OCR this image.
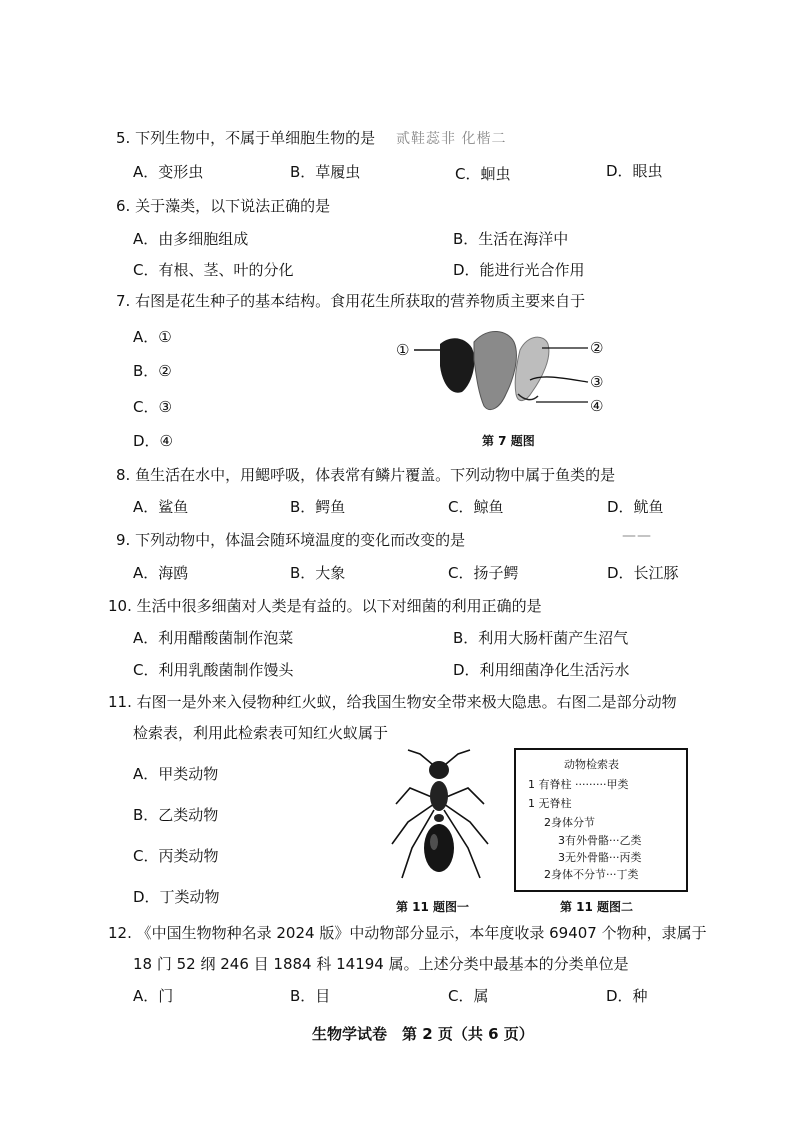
贰鞋蕊非 化楷二
5. 下列生物中，不属于单细胞生物的是
A．变形虫	B．草履虫	C．蛔虫	D．眼虫
6. 关于藻类，以下说法正确的是
A．由多细胞组成	B．生活在海洋中
C．有根、茎、叶的分化	D．能进行光合作用
7. 右图是花生种子的基本结构。食用花生所获取的营养物质主要来自于
A．①
B．②
C．③
D．④
①	②
③
④
第 7 题图
8. 鱼生活在水中，用鳃呼吸，体表常有鳞片覆盖。下列动物中属于鱼类的是
A．鲨鱼	B．鳄鱼	C．鲸鱼	D．鱿鱼
9. 下列动物中，体温会随环境温度的变化而改变的是	——
A．海鸥	B．大象	C．扬子鳄	D．长江豚
10. 生活中很多细菌对人类是有益的。以下对细菌的利用正确的是
A．利用醋酸菌制作泡菜	B．利用大肠杆菌产生沼气
C．利用乳酸菌制作馒头	D．利用细菌净化生活污水
11. 右图一是外来入侵物种红火蚁，给我国生物安全带来极大隐患。右图二是部分动物
检索表，利用此检索表可知红火蚁属于
A．甲类动物
B．乙类动物
C．丙类动物
D．丁类动物
第 11 题图一
动物检索表
1 有脊柱 ·········甲类
1 无脊柱
2身体分节
3有外骨骼···乙类
3无外骨骼···丙类
2身体不分节···丁类
第 11 题图二
12. 《中国生物物种名录 2024 版》中动物部分显示，本年度收录 69407 个物种，隶属于
18 门 52 纲 246 目 1884 科 14194 属。上述分类中最基本的分类单位是
A．门	B．目	C．属	D．种
生物学试卷　第 2 页（共 6 页）
